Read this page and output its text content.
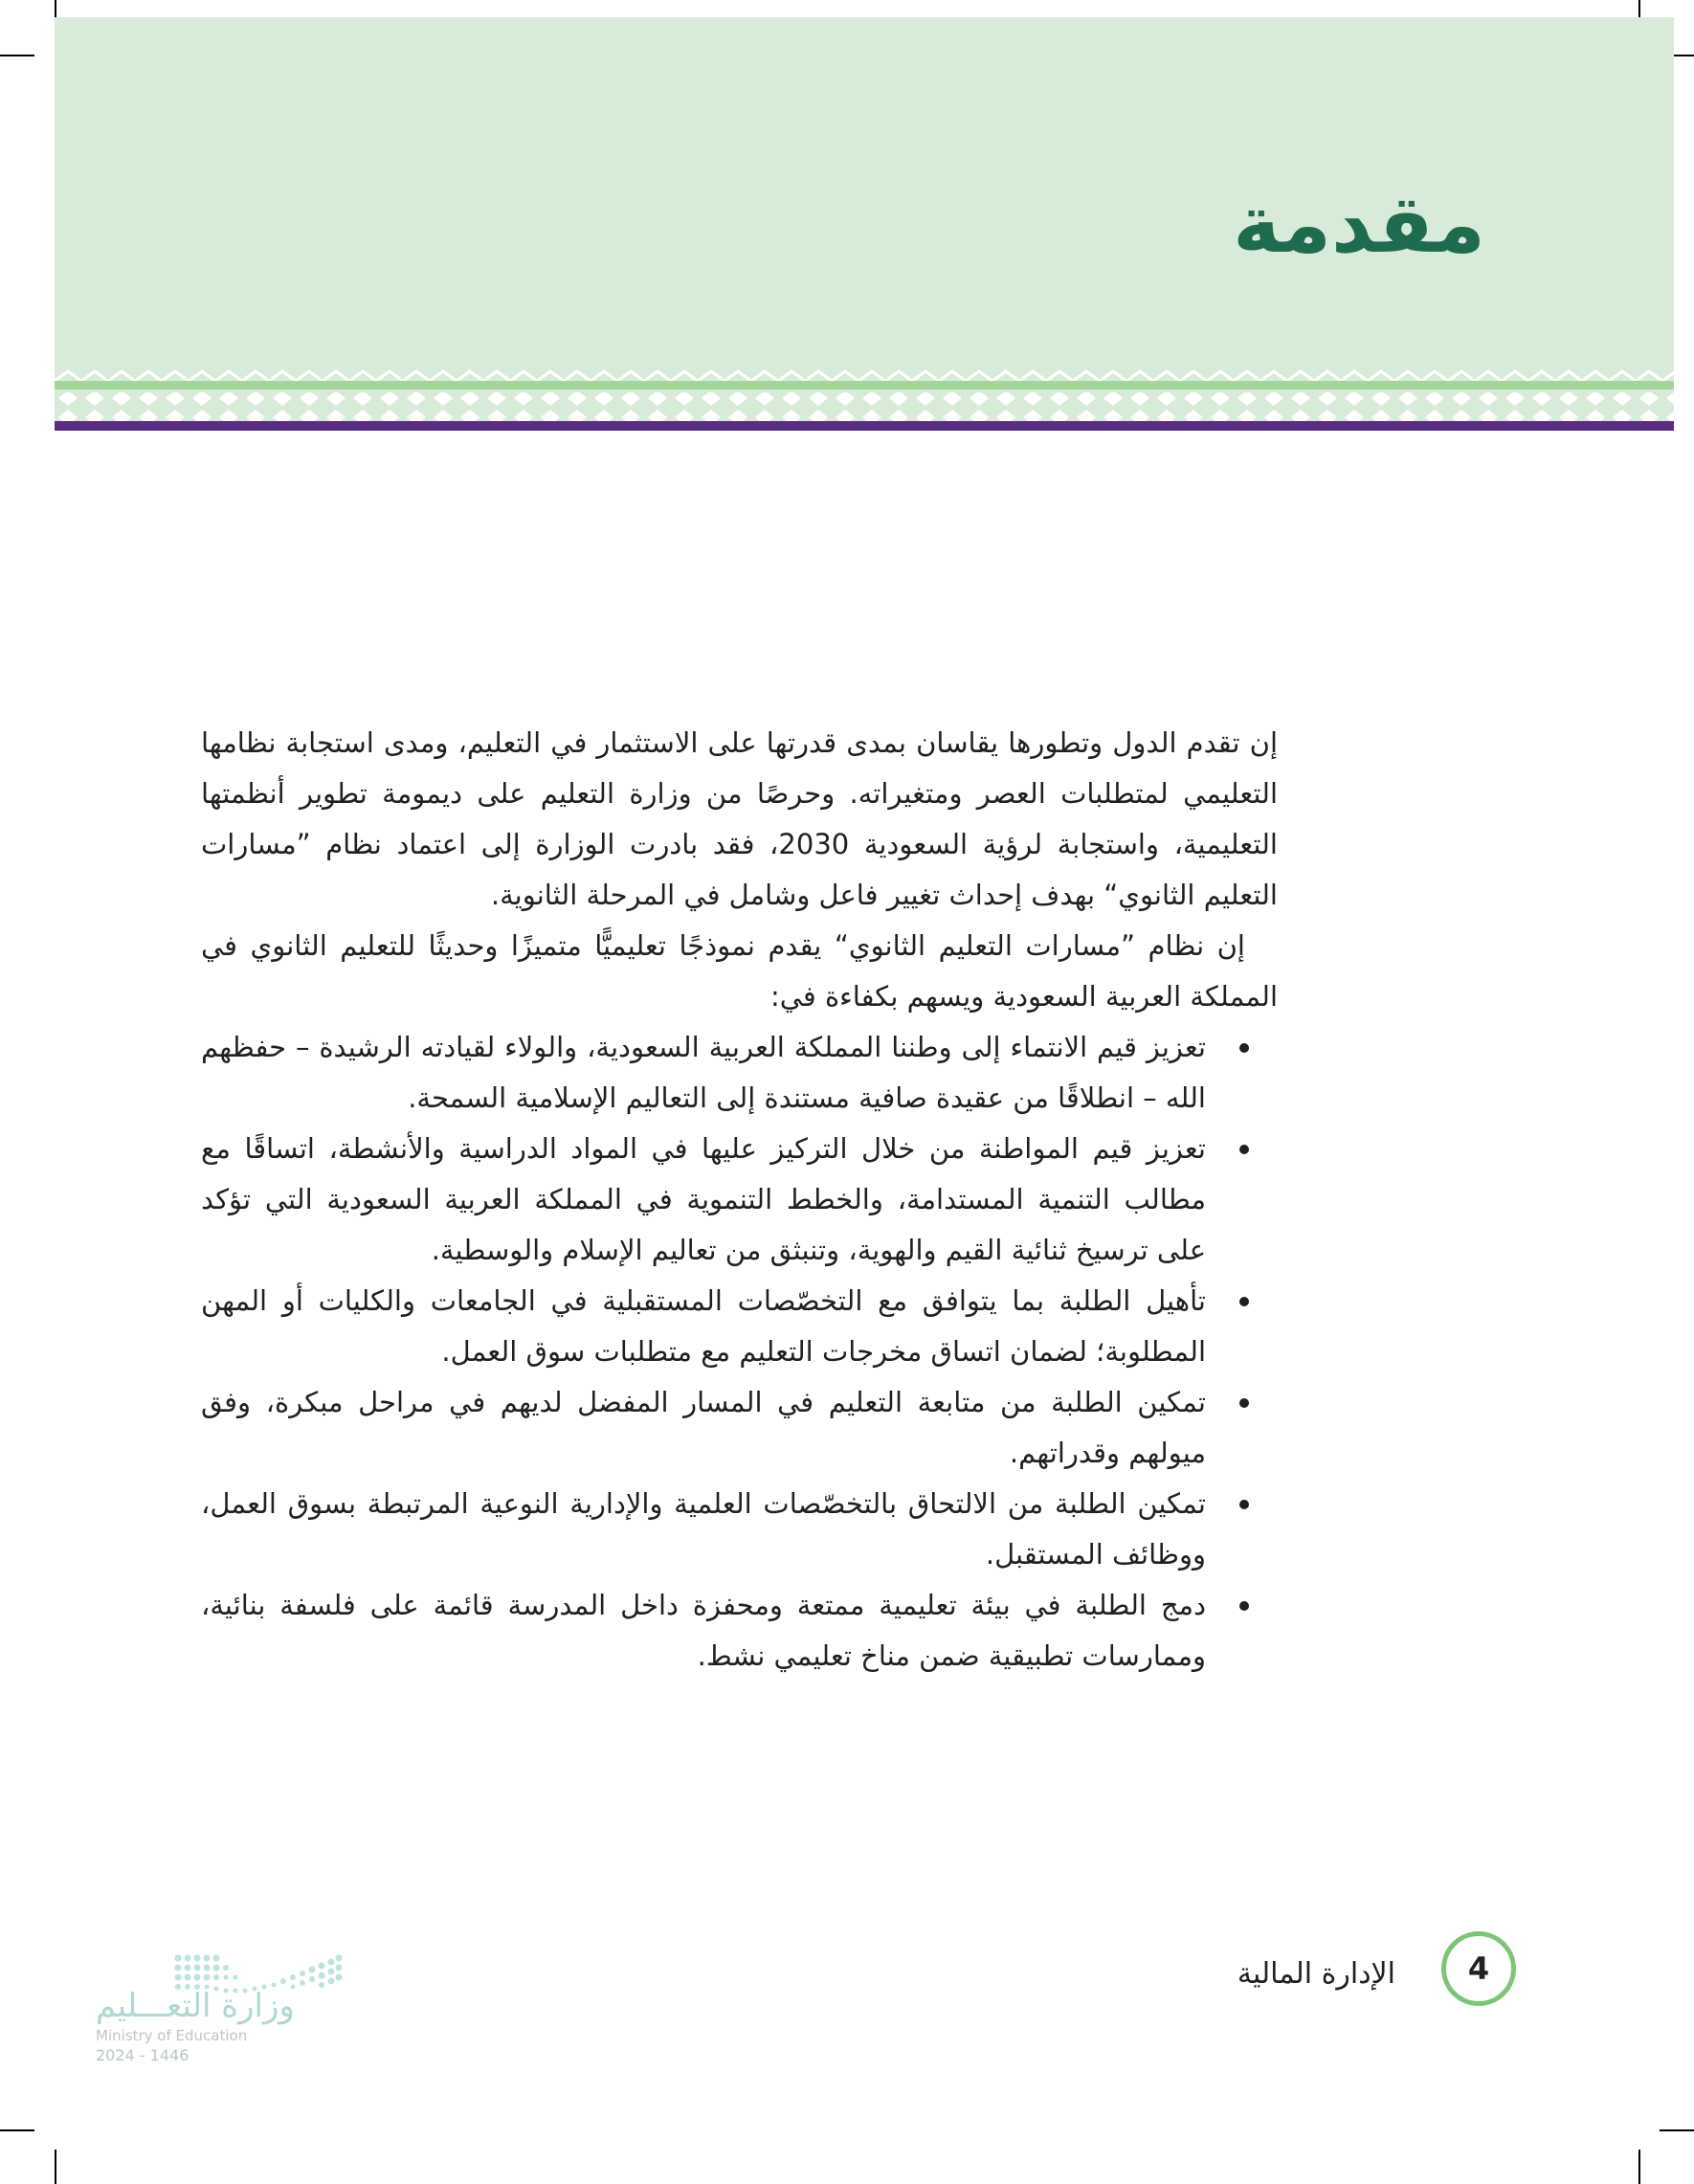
مقدمة

إن تقدم الدول وتطورها يقاسان بمدى قدرتها على الاستثمار في التعليم، ومدى استجابة نظامها التعليمي لمتطلبات العصر ومتغيراته. وحرصًا من وزارة التعليم على ديمومة تطوير أنظمتها التعليمية، واستجابة لرؤية السعودية 2030، فقد بادرت الوزارة إلى اعتماد نظام ”مسارات التعليم الثانوي“ بهدف إحداث تغيير فاعل وشامل في المرحلة الثانوية.

إن نظام ”مسارات التعليم الثانوي“ يقدم نموذجًا تعليميًّا متميزًا وحديثًا للتعليم الثانوي في المملكة العربية السعودية ويسهم بكفاءة في:

تعزيز قيم الانتماء إلى وطننا المملكة العربية السعودية، والولاء لقيادته الرشيدة – حفظهم الله – انطلاقًا من عقيدة صافية مستندة إلى التعاليم الإسلامية السمحة.
تعزيز قيم المواطنة من خلال التركيز عليها في المواد الدراسية والأنشطة، اتساقًا مع مطالب التنمية المستدامة، والخطط التنموية في المملكة العربية السعودية التي تؤكد على ترسيخ ثنائية القيم والهوية، وتنبثق من تعاليم الإسلام والوسطية.
تأهيل الطلبة بما يتوافق مع التخصّصات المستقبلية في الجامعات والكليات أو المهن المطلوبة؛ لضمان اتساق مخرجات التعليم مع متطلبات سوق العمل.
تمكين الطلبة من متابعة التعليم في المسار المفضل لديهم في مراحل مبكرة، وفق ميولهم وقدراتهم.
تمكين الطلبة من الالتحاق بالتخصّصات العلمية والإدارية النوعية المرتبطة بسوق العمل، ووظائف المستقبل.
دمج الطلبة في بيئة تعليمية ممتعة ومحفزة داخل المدرسة قائمة على فلسفة بنائية، وممارسات تطبيقية ضمن مناخ تعليمي نشط.
الإدارة المالية 4
وزارة التعـــليم
Ministry of Education
2024 - 1446
